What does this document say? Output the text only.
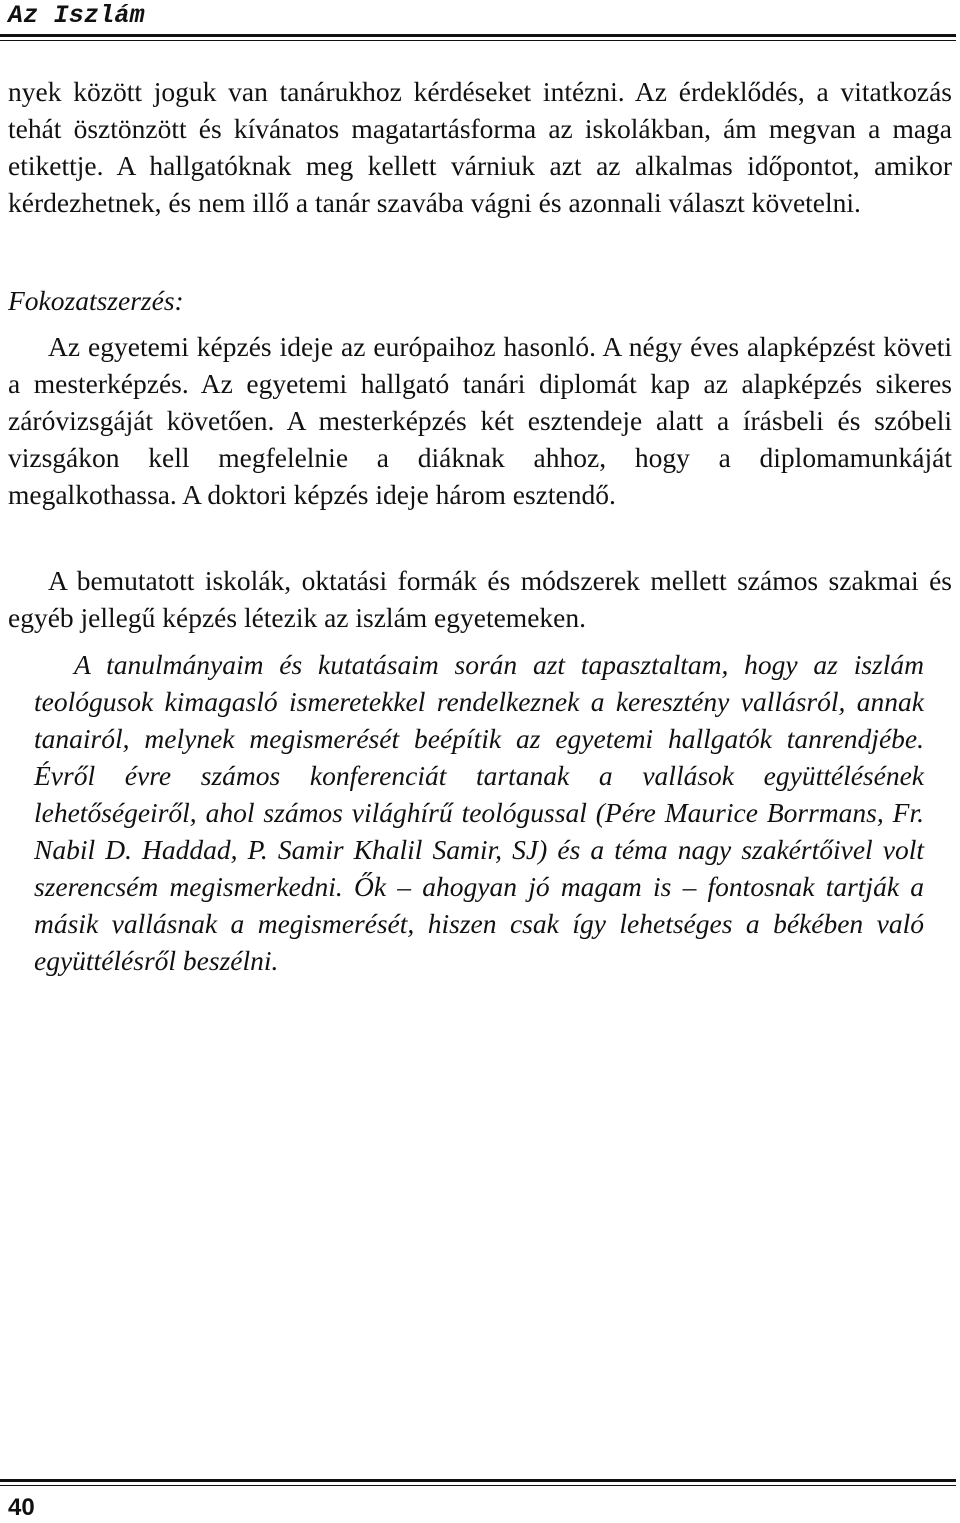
Az Iszlám

nyek között joguk van tanárukhoz kérdéseket intézni. Az érdeklődés, a vitatkozás tehát ösztönzött és kívánatos magatartásforma az iskolákban, ám megvan a maga etikettje. A hallgatóknak meg kellett várniuk azt az alkalmas időpontot, amikor kérdezhetnek, és nem illő a tanár szavába vágni és azonnali választ követelni.

Fokozatszerzés:

Az egyetemi képzés ideje az európaihoz hasonló. A négy éves alapképzést követi a mesterképzés. Az egyetemi hallgató tanári diplomát kap az alapképzés sikeres záróvizsgáját követően. A mesterképzés két esztendeje alatt a írásbeli és szóbeli vizsgákon kell megfelelnie a diáknak ahhoz, hogy a diplomamunkáját megalkothassa. A doktori képzés ideje három esztendő.

A bemutatott iskolák, oktatási formák és módszerek mellett számos szakmai és egyéb jellegű képzés létezik az iszlám egyetemeken.

A tanulmányaim és kutatásaim során azt tapasztaltam, hogy az iszlám teológusok kimagasló ismeretekkel rendelkeznek a keresztény vallásról, annak tanairól, melynek megismerését beépítik az egyetemi hallgatók tanrendjébe. Évről évre számos konferenciát tartanak a vallások együttélésének lehetőségeiről, ahol számos világhírű teológussal (Pére Maurice Borrmans, Fr. Nabil D. Haddad, P. Samir Khalil Samir, SJ) és a téma nagy szakértőivel volt szerencsém megismerkedni. Ők – ahogyan jó magam is – fontosnak tartják a másik vallásnak a megismerését, hiszen csak így lehetséges a békében való együttélésről beszélni.

40
